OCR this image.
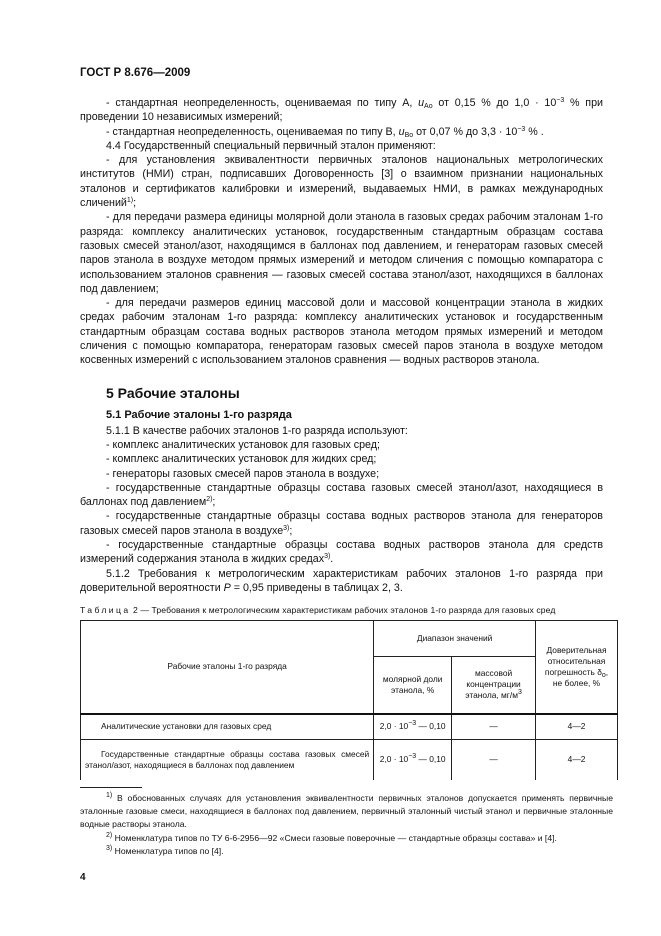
ГОСТ Р 8.676—2009

- стандартная неопределенность, оцениваемая по типу А, $u_{Ao}$ от 0,15 % до $1,0 \cdot 10^{-3}$ % при проведении 10 независимых измерений;

- стандартная неопределенность, оцениваемая по типу В, $u_{Bo}$ от 0,07 % до $3,3 \cdot 10^{-3}$ % .

4.4 Государственный специальный первичный эталон применяют:

- для установления эквивалентности первичных эталонов национальных метрологических институтов (НМИ) стран, подписавших Договоренность [3] о взаимном признании национальных эталонов и сертификатов калибровки и измерений, выдаваемых НМИ, в рамках международных сличений$^{1)}$;

- для передачи размера единицы молярной доли этанола в газовых средах рабочим эталонам 1-го разряда: комплексу аналитических установок, государственным стандартным образцам состава газовых смесей этанол/азот, находящимся в баллонах под давлением, и генераторам газовых смесей паров этанола в воздухе методом прямых измерений и методом сличения с помощью компаратора с использованием эталонов сравнения — газовых смесей состава этанол/азот, находящихся в баллонах под давлением;

- для передачи размеров единиц массовой доли и массовой концентрации этанола в жидких средах рабочим эталонам 1-го разряда: комплексу аналитических установок и государственным стандартным образцам состава водных растворов этанола методом прямых измерений и методом сличения с помощью компаратора, генераторам газовых смесей паров этанола в воздухе методом косвенных измерений с использованием эталонов сравнения — водных растворов этанола.

5 Рабочие эталоны
5.1 Рабочие эталоны 1-го разряда

5.1.1 В качестве рабочих эталонов 1-го разряда используют:

- комплекс аналитических установок для газовых сред;

- комплекс аналитических установок для жидких сред;

- генераторы газовых смесей паров этанола в воздухе;

- государственные стандартные образцы состава газовых смесей этанол/азот, находящиеся в баллонах под давлением$^{2)}$;

- государственные стандартные образцы состава водных растворов этанола для генераторов газовых смесей паров этанола в воздухе$^{3)}$;

- государственные стандартные образцы состава водных растворов этанола для средств измерений содержания этанола в жидких средах$^{3)}$.

5.1.2 Требования к метрологическим характеристикам рабочих эталонов 1-го разряда при доверительной вероятности P = 0,95 приведены в таблицах 2, 3.

Таблица 2 — Требования к метрологическим характеристикам рабочих эталонов 1-го разряда для газовых сред
Рабочие эталоны 1-го разряда	Диапазон значений		Доверительная относительная погрешность $\delta_о$, не более, %
	молярной доли этанола, %	массовой концентрации этанола, $мг/м^3$
Аналитические установки для газовых сред	$2,0 \cdot 10^{-3}$ — 0,10	—	4—2
Государственные стандартные образцы состава газовых смесей этанол/азот, находящиеся в баллонах под давлением	$2,0 \cdot 10^{-3}$ — 0,10	—	4—2

$^{1)}$ В обоснованных случаях для установления эквивалентности первичных эталонов допускается применять первичные эталонные газовые смеси, находящиеся в баллонах под давлением, первичный эталонный чистый этанол и первичные эталонные водные растворы этанола.

$^{2)}$ Номенклатура типов по ТУ 6-6-2956—92 «Смеси газовые поверочные — стандартные образцы состава» и [4].

$^{3)}$ Номенклатура типов по [4].

4
